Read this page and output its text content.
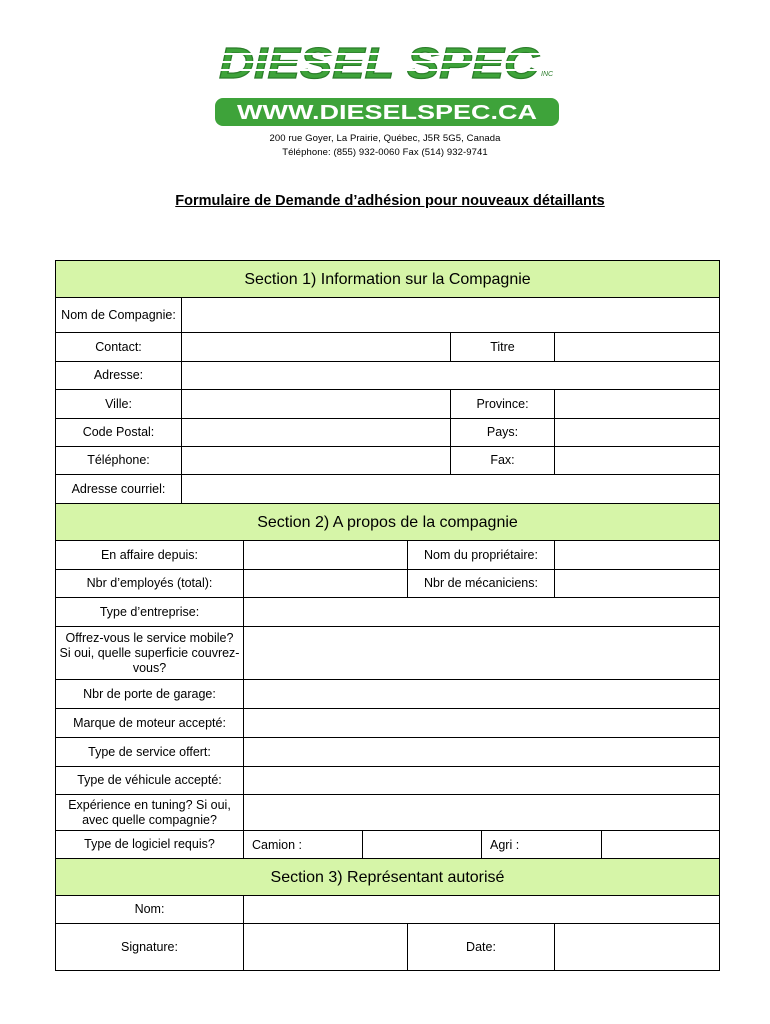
DIESEL SPEC INC
WWW.DIESELSPEC.CA
200 rue Goyer, La Prairie, Québec, J5R 5G5, Canada
Téléphone: (855) 932-0060 Fax (514) 932-9741
Formulaire de Demande d’adhésion pour nouveaux détaillants
Section 1) Information sur la Compagnie
Nom de Compagnie:
Contact:	Titre
Adresse:
Ville:	Province:
Code Postal:	Pays:
Téléphone:	Fax:
Adresse courriel:
Section 2) A propos de la compagnie
En affaire depuis:	Nom du propriétaire:
Nbr d’employés (total):	Nbr de mécaniciens:
Type d’entreprise:
Offrez-vous le service mobile? Si oui, quelle superficie couvrez-vous?
Nbr de porte de garage:
Marque de moteur accepté:
Type de service offert:
Type de véhicule accepté:
Expérience en tuning? Si oui, avec quelle compagnie?
Type de logiciel requis?	Camion :	Agri :
Section 3) Représentant autorisé
Nom:
Signature:	Date:
